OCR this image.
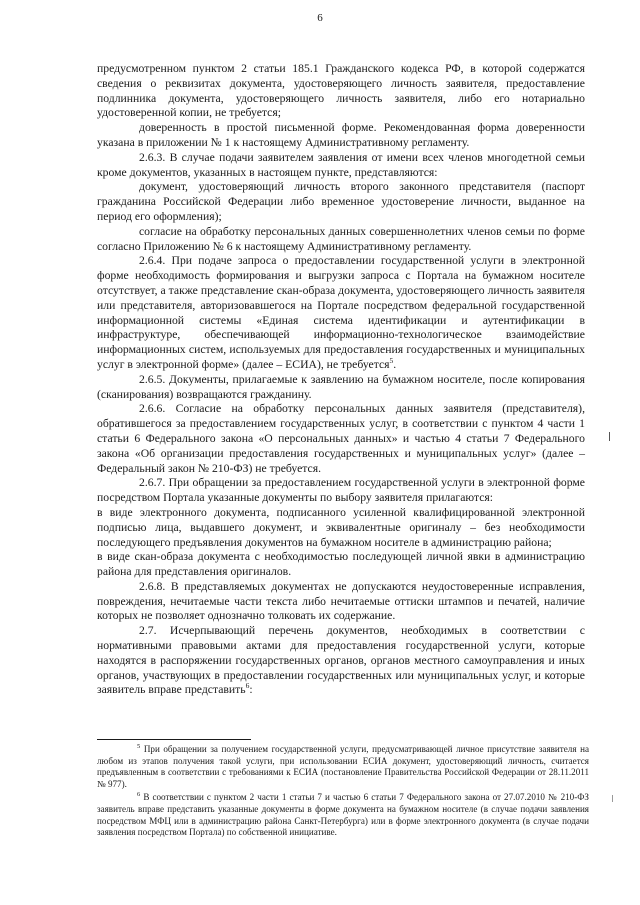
6

предусмотренном пунктом 2 статьи 185.1 Гражданского кодекса РФ, в которой содержатся сведения о реквизитах документа, удостоверяющего личность заявителя, предоставление подлинника документа, удостоверяющего личность заявителя, либо его нотариально удостоверенной копии, не требуется;

доверенность в простой письменной форме. Рекомендованная форма доверенности указана в приложении № 1 к настоящему Административному регламенту.

2.6.3. В случае подачи заявителем заявления от имени всех членов многодетной семьи кроме документов, указанных в настоящем пункте, представляются:

документ, удостоверяющий личность второго законного представителя (паспорт гражданина Российской Федерации либо временное удостоверение личности, выданное на период его оформления);

согласие на обработку персональных данных совершеннолетних членов семьи по форме согласно Приложению № 6 к настоящему Административному регламенту.

2.6.4. При подаче запроса о предоставлении государственной услуги в электронной форме необходимость формирования и выгрузки запроса с Портала на бумажном носителе отсутствует, а также представление скан-образа документа, удостоверяющего личность заявителя или представителя, авторизовавшегося на Портале посредством федеральной государственной информационной системы «Единая система идентификации и аутентификации в инфраструктуре, обеспечивающей информационно-технологическое взаимодействие информационных систем, используемых для предоставления государственных и муниципальных услуг в электронной форме» (далее – ЕСИА), не требуется$^5$.

2.6.5. Документы, прилагаемые к заявлению на бумажном носителе, после копирования (сканирования) возвращаются гражданину.

2.6.6. Согласие на обработку персональных данных заявителя (представителя), обратившегося за предоставлением государственных услуг, в соответствии с пунктом 4 части 1 статьи 6 Федерального закона «О персональных данных» и частью 4 статьи 7 Федерального закона «Об организации предоставления государственных и муниципальных услуг» (далее – Федеральный закон № 210-ФЗ) не требуется.

2.6.7. При обращении за предоставлением государственной услуги в электронной форме посредством Портала указанные документы по выбору заявителя прилагаются:

в виде электронного документа, подписанного усиленной квалифицированной электронной подписью лица, выдавшего документ, и эквивалентные оригиналу – без необходимости последующего предъявления документов на бумажном носителе в администрацию района;

в виде скан-образа документа с необходимостью последующей личной явки в администрацию района для представления оригиналов.

2.6.8. В представляемых документах не допускаются неудостоверенные исправления, повреждения, нечитаемые части текста либо нечитаемые оттиски штампов и печатей, наличие которых не позволяет однозначно толковать их содержание.

2.7. Исчерпывающий перечень документов, необходимых в соответствии с нормативными правовыми актами для предоставления государственной услуги, которые находятся в распоряжении государственных органов, органов местного самоуправления и иных органов, участвующих в предоставлении государственных или муниципальных услуг, и которые заявитель вправе представить$^6$:

$^5$ При обращении за получением государственной услуги, предусматривающей личное присутствие заявителя на любом из этапов получения такой услуги, при использовании ЕСИА документ, удостоверяющий личность, считается предъявленным в соответствии с требованиями к ЕСИА (постановление Правительства Российской Федерации от 28.11.2011 № 977).

$^6$ В соответствии с пунктом 2 части 1 статьи 7 и частью 6 статьи 7 Федерального закона от 27.07.2010 № 210-ФЗ заявитель вправе представить указанные документы в форме документа на бумажном носителе (в случае подачи заявления посредством МФЦ или в администрацию района Санкт-Петербурга) или в форме электронного документа (в случае подачи заявления посредством Портала) по собственной инициативе.
